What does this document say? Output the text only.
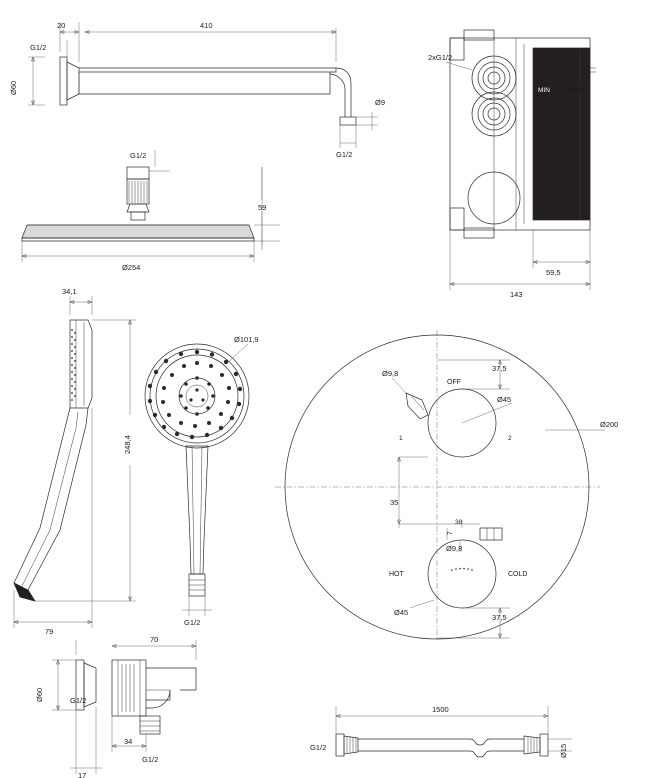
20	410
G1/2
Ø60
Ø9
G1/2
G1/2
59
Ø254
2xG1/2
MIN	MAX
59,5
143
34,1
248,4
79
Ø101,9
G1/2
OFF
HOT	COLD
1	2
Ø9,8
Ø45
Ø9,8
Ø45
Ø200
37,5
37,5
35
7
38
70
Ø60	G1/2
34
G1/2
17
1500
G1/2	Ø15
